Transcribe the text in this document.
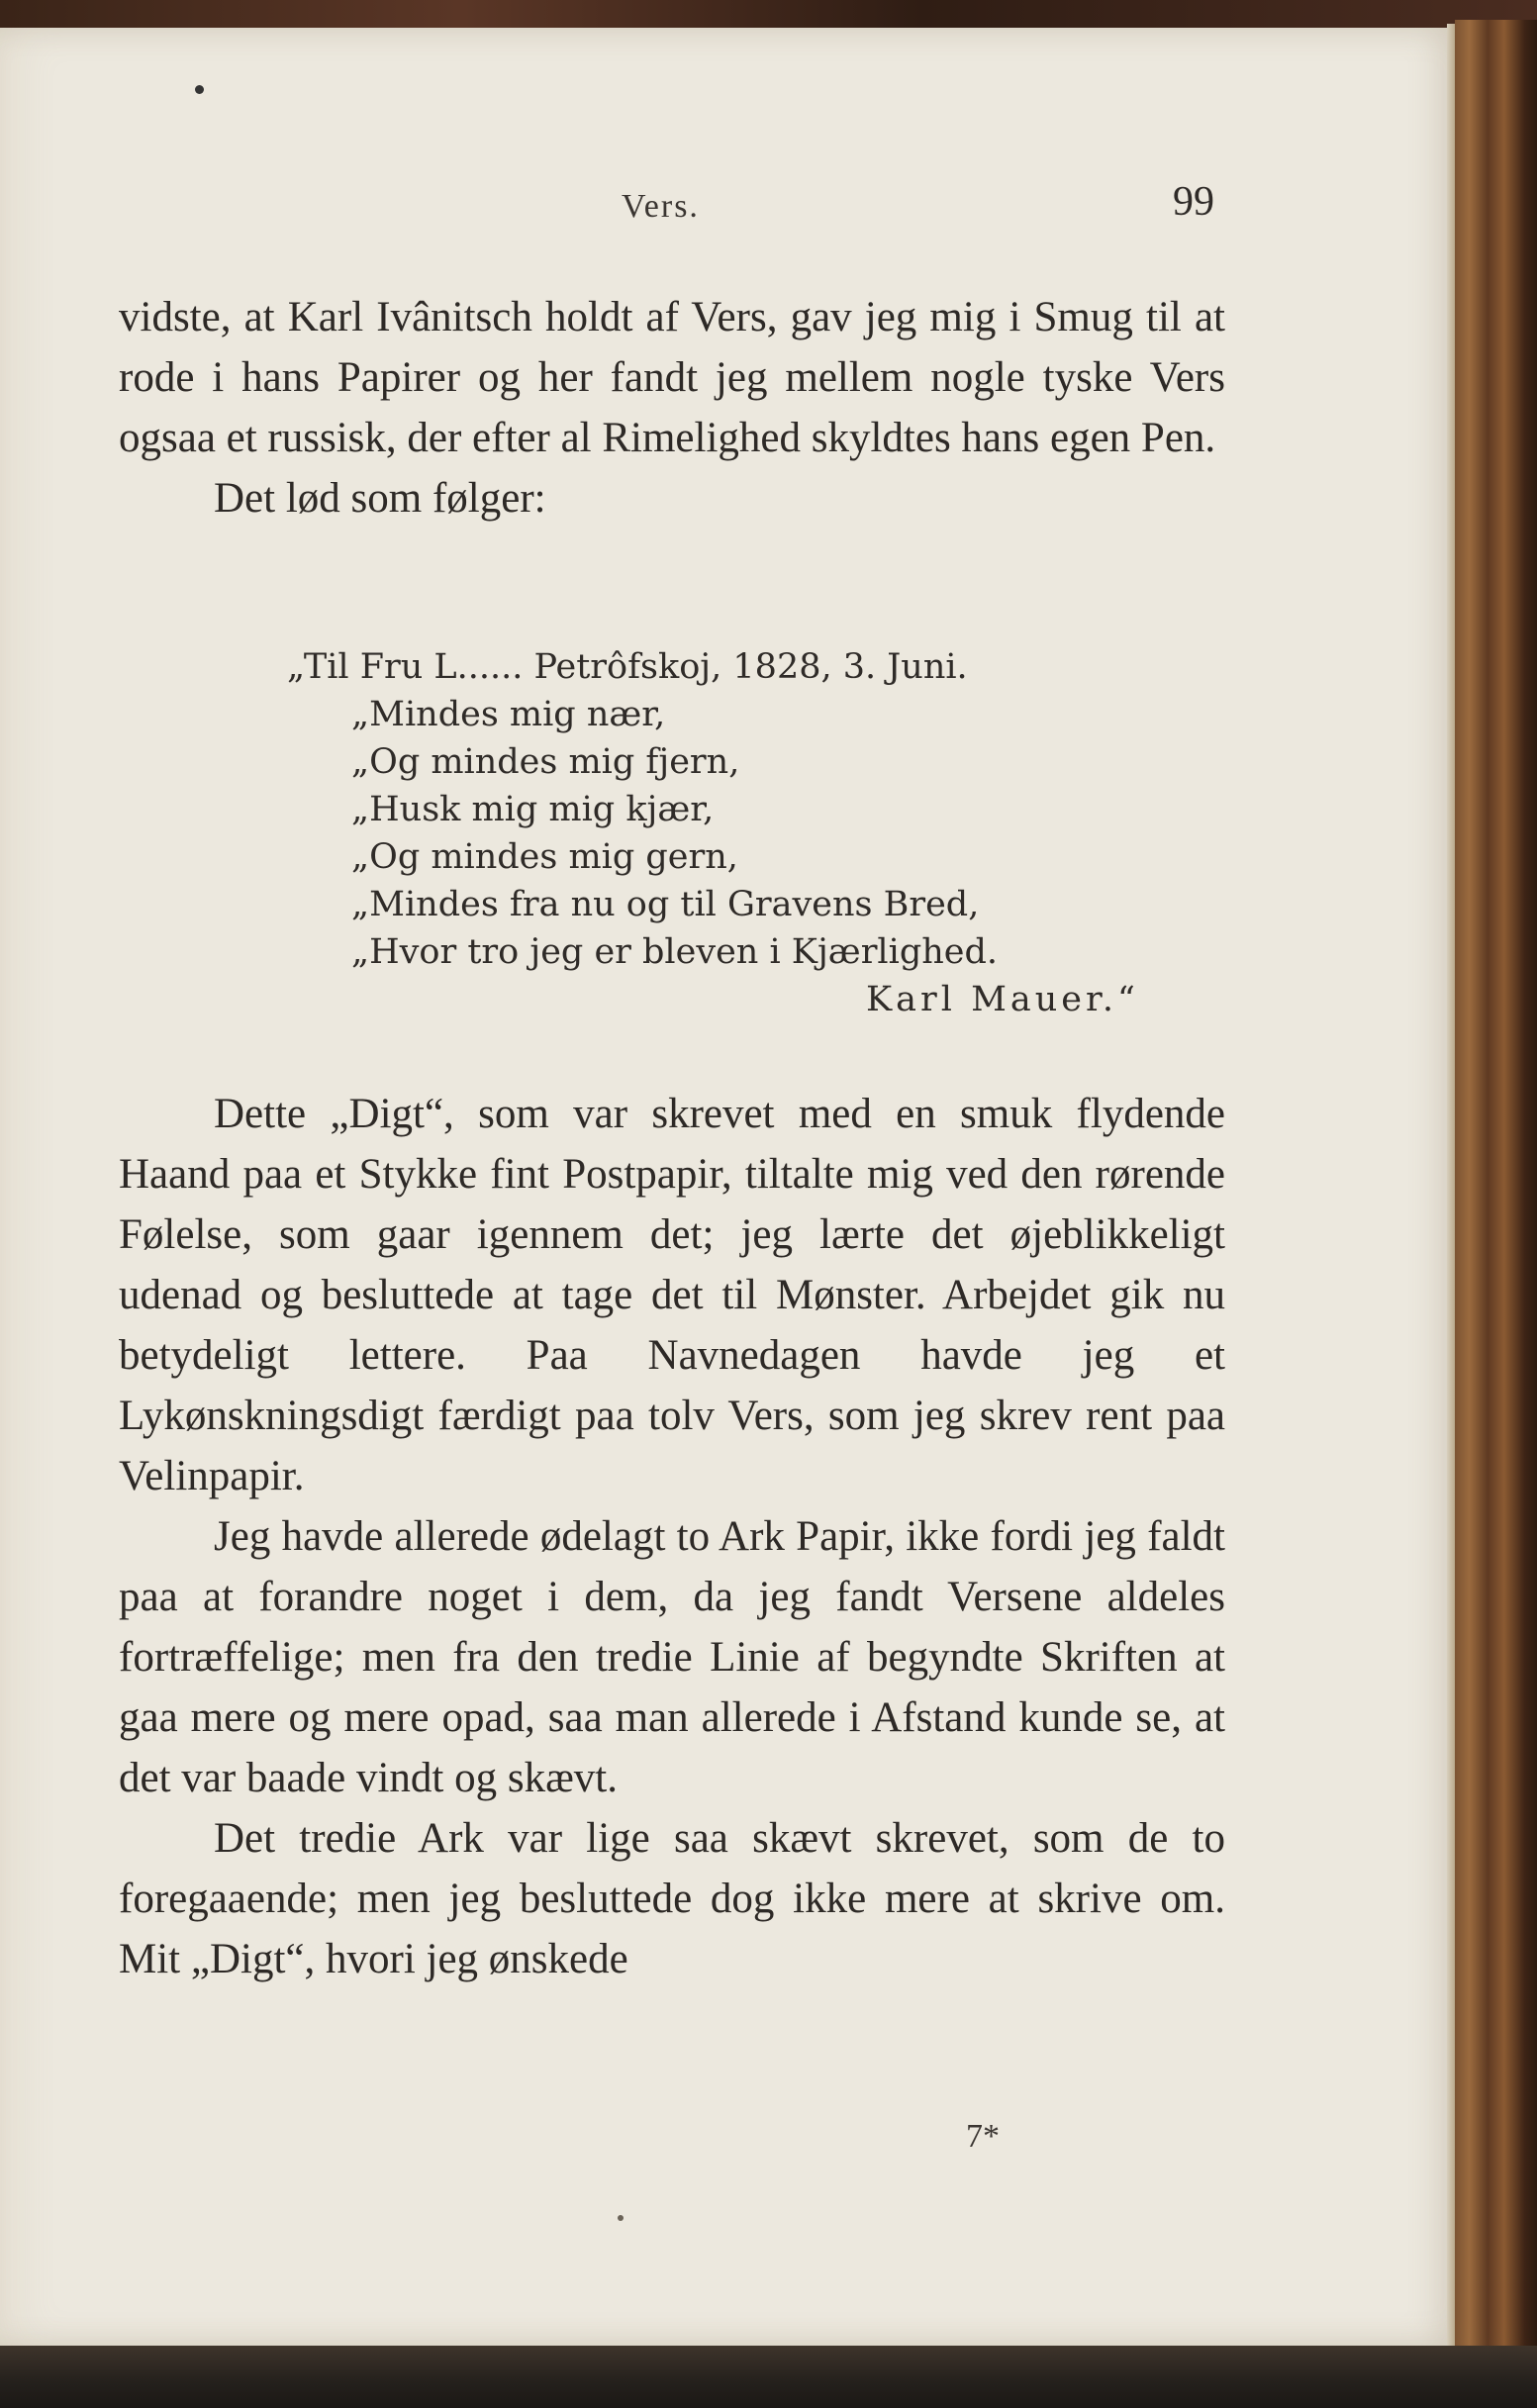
Vers.	99

vidste, at Karl Ivânitsch holdt af Vers, gav jeg mig i Smug til at rode i hans Papirer og her fandt jeg mellem nogle tyske Vers ogsaa et russisk, der efter al Rimelighed skyldtes hans egen Pen.

Det lød som følger:

„Til Fru L...... Petrôfskoj, 1828, 3. Juni.
„Mindes mig nær,
„Og mindes mig fjern,
„Husk mig mig kjær,
„Og mindes mig gern,
„Mindes fra nu og til Gravens Bred,
„Hvor tro jeg er bleven i Kjærlighed.
Karl Mauer.“

Dette „Digt“, som var skrevet med en smuk flydende Haand paa et Stykke fint Postpapir, tiltalte mig ved den rørende Følelse, som gaar igennem det; jeg lærte det øjeblikkeligt udenad og besluttede at tage det til Mønster. Arbejdet gik nu betydeligt lettere. Paa Navnedagen havde jeg et Lykønskningsdigt færdigt paa tolv Vers, som jeg skrev rent paa Velinpapir.

Jeg havde allerede ødelagt to Ark Papir, ikke fordi jeg faldt paa at forandre noget i dem, da jeg fandt Versene aldeles fortræffelige; men fra den tredie Linie af begyndte Skriften at gaa mere og mere opad, saa man allerede i Afstand kunde se, at det var baade vindt og skævt.

Det tredie Ark var lige saa skævt skrevet, som de to foregaaende; men jeg besluttede dog ikke mere at skrive om. Mit „Digt“, hvori jeg ønskede

7*
